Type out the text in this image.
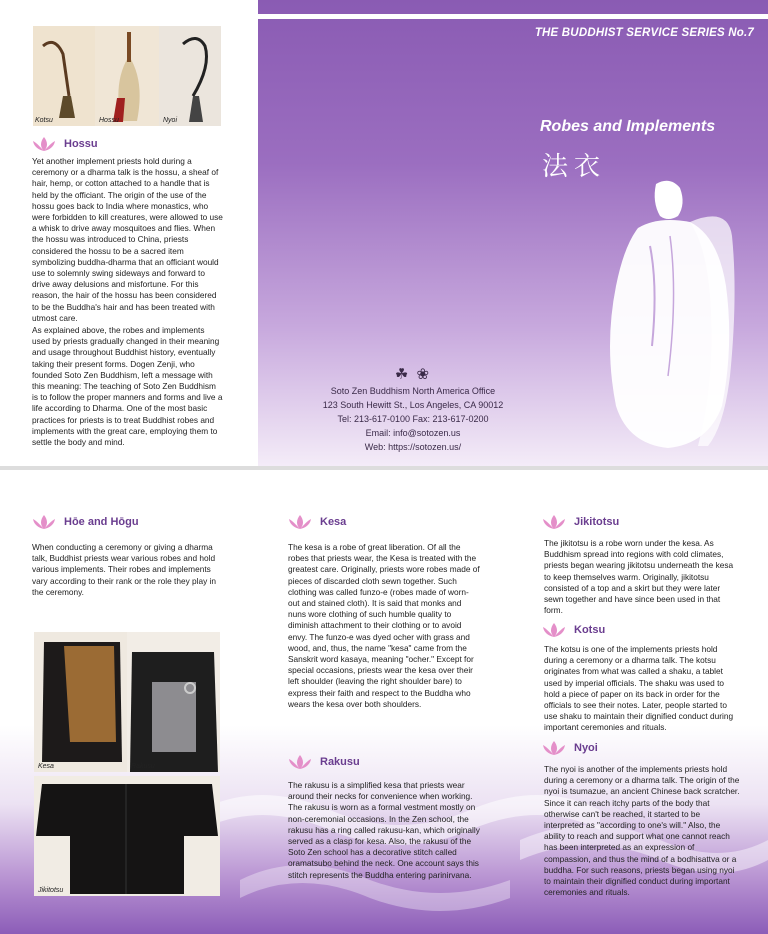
Kotsu	Hossu	Nyoi
Hossu
Yet another implement priests hold during a ceremony or a dharma talk is the hossu, a sheaf of hair, hemp, or cotton attached to a handle that is held by the officiant. The origin of the use of the hossu goes back to India where monastics, who were forbidden to kill creatures, were allowed to use a whisk to drive away mosquitoes and flies. When the hossu was introduced to China, priests considered the hossu to be a sacred item symbolizing buddha-dharma that an officiant would use to solemnly swing sideways and forward to drive away delusions and misfortune. For this reason, the hair of the hossu has been considered to be the Buddha's hair and has been treated with utmost care.
As explained above, the robes and implements used by priests gradually changed in their meaning and usage throughout Buddhist history, eventually taking their present forms. Dogen Zenji, who founded Soto Zen Buddhism, left a message with this meaning: The teaching of Soto Zen Buddhism is to follow the proper manners and forms and live a life according to Dharma. One of the most basic practices for priests is to treat Buddhist robes and implements with the great care, employing them to settle the body and mind.
THE BUDDHIST SERVICE SERIES No.7
Robes and Implements
法衣
☘ ❀
Soto Zen Buddhism North America Office
123 South Hewitt St., Los Angeles, CA 90012
Tel: 213-617-0100 Fax: 213-617-0200
Email: info@sotozen.us
Web: https://sotozen.us/
Hōe and Hōgu
When conducting a ceremony or giving a dharma talk, Buddhist priests wear various robes and hold various implements. Their robes and implements vary according to their rank or the role they play in the ceremony.
Kesa	Rakusu
Jikitotsu
Kesa
The kesa is a robe of great liberation. Of all the robes that priests wear, the Kesa is treated with the greatest care. Originally, priests wore robes made of pieces of discarded cloth sewn together. Such clothing was called funzo-e (robes made of worn-out and stained cloth). It is said that monks and nuns wore clothing of such humble quality to diminish attachment to their clothing or to avoid envy. The funzo-e was dyed ocher with grass and wood, and, thus, the name "kesa" came from the Sanskrit word kasaya, meaning "ocher." Except for special occasions, priests wear the kesa over their left shoulder (leaving the right shoulder bare) to express their faith and respect to the Buddha who wears the kesa over both shoulders.
Rakusu
The rakusu is a simplified kesa that priests wear around their necks for convenience when working. The rakusu is worn as a formal vestment mostly on non-ceremonial occasions. In the Zen school, the rakusu has a ring called rakusu-kan, which originally served as a clasp for kesa. Also, the rakusu of the Soto Zen school has a decorative stitch called oramatsubo behind the neck. One account says this stitch represents the Buddha entering parinirvana.
Jikitotsu
The jikitotsu is a robe worn under the kesa. As Buddhism spread into regions with cold climates, priests began wearing jikitotsu underneath the kesa to keep themselves warm. Originally, jikitotsu consisted of a top and a skirt but they were later sewn together and have since been used in that form.
Kotsu
The kotsu is one of the implements priests hold during a ceremony or a dharma talk. The kotsu originates from what was called a shaku, a tablet used by imperial officials. The shaku was used to hold a piece of paper on its back in order for the officials to see their notes. Later, people started to use shaku to maintain their dignified conduct during important ceremonies and rituals.
Nyoi
The nyoi is another of the implements priests hold during a ceremony or a dharma talk. The origin of the nyoi is tsumazue, an ancient Chinese back scratcher. Since it can reach itchy parts of the body that otherwise can't be reached, it started to be interpreted as "according to one's will." Also, the ability to reach and support what one cannot reach has been interpreted as an expression of compassion, and thus the mind of a bodhisattva or a buddha. For such reasons, priests began using nyoi to maintain their dignified conduct during important ceremonies and rituals.
